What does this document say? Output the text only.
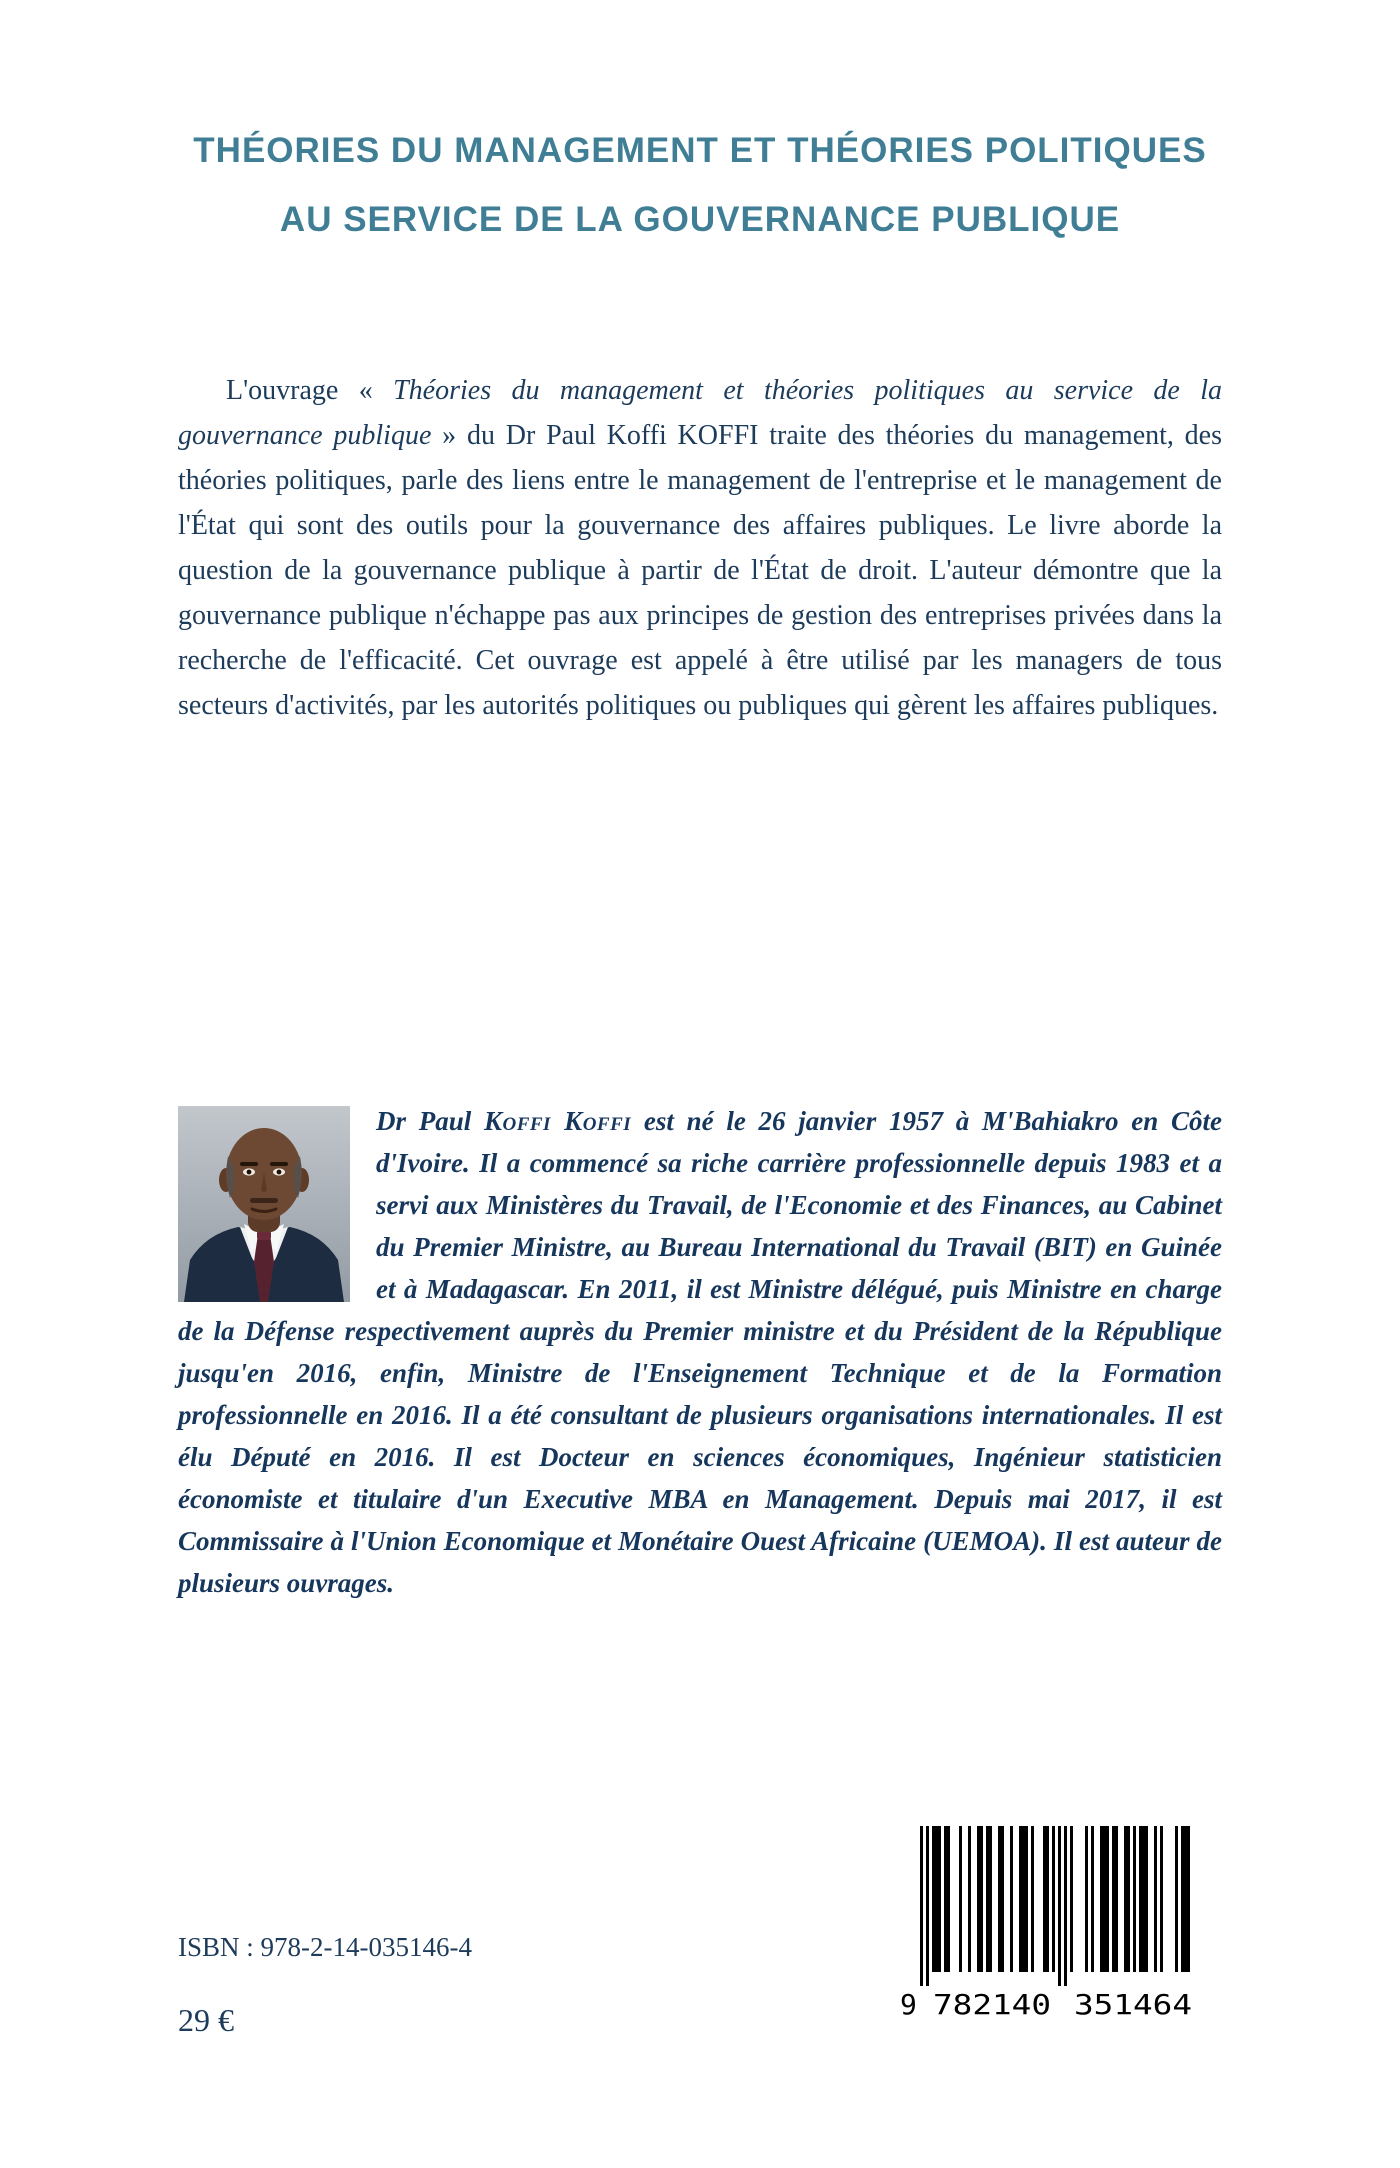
THÉORIES DU MANAGEMENT ET THÉORIES POLITIQUES
AU SERVICE DE LA GOUVERNANCE PUBLIQUE

L'ouvrage « Théories du management et théories politiques au service de la gouvernance publique » du Dr Paul Koffi KOFFI traite des théories du management, des théories politiques, parle des liens entre le management de l'entreprise et le management de l'État qui sont des outils pour la gouvernance des affaires publiques. Le livre aborde la question de la gouvernance publique à partir de l'État de droit. L'auteur démontre que la gouvernance publique n'échappe pas aux principes de gestion des entreprises privées dans la recherche de l'efficacité. Cet ouvrage est appelé à être utilisé par les managers de tous secteurs d'activités, par les autorités politiques ou publiques qui gèrent les affaires publiques.

Dr Paul Koffi Koffi est né le 26 janvier 1957 à M'Bahiakro en Côte d'Ivoire. Il a commencé sa riche carrière professionnelle depuis 1983 et a servi aux Ministères du Travail, de l'Economie et des Finances, au Cabinet du Premier Ministre, au Bureau International du Travail (BIT) en Guinée et à Madagascar. En 2011, il est Ministre délégué, puis Ministre en charge de la Défense respectivement auprès du Premier ministre et du Président de la République jusqu'en 2016, enfin, Ministre de l'Enseignement Technique et de la Formation professionnelle en 2016. Il a été consultant de plusieurs organisations internationales. Il est élu Député en 2016. Il est Docteur en sciences économiques, Ingénieur statisticien économiste et titulaire d'un Executive MBA en Management. Depuis mai 2017, il est Commissaire à l'Union Economique et Monétaire Ouest Africaine (UEMOA). Il est auteur de plusieurs ouvrages.
ISBN : 978-2-14-035146-4
29 €	9 782140 351464
